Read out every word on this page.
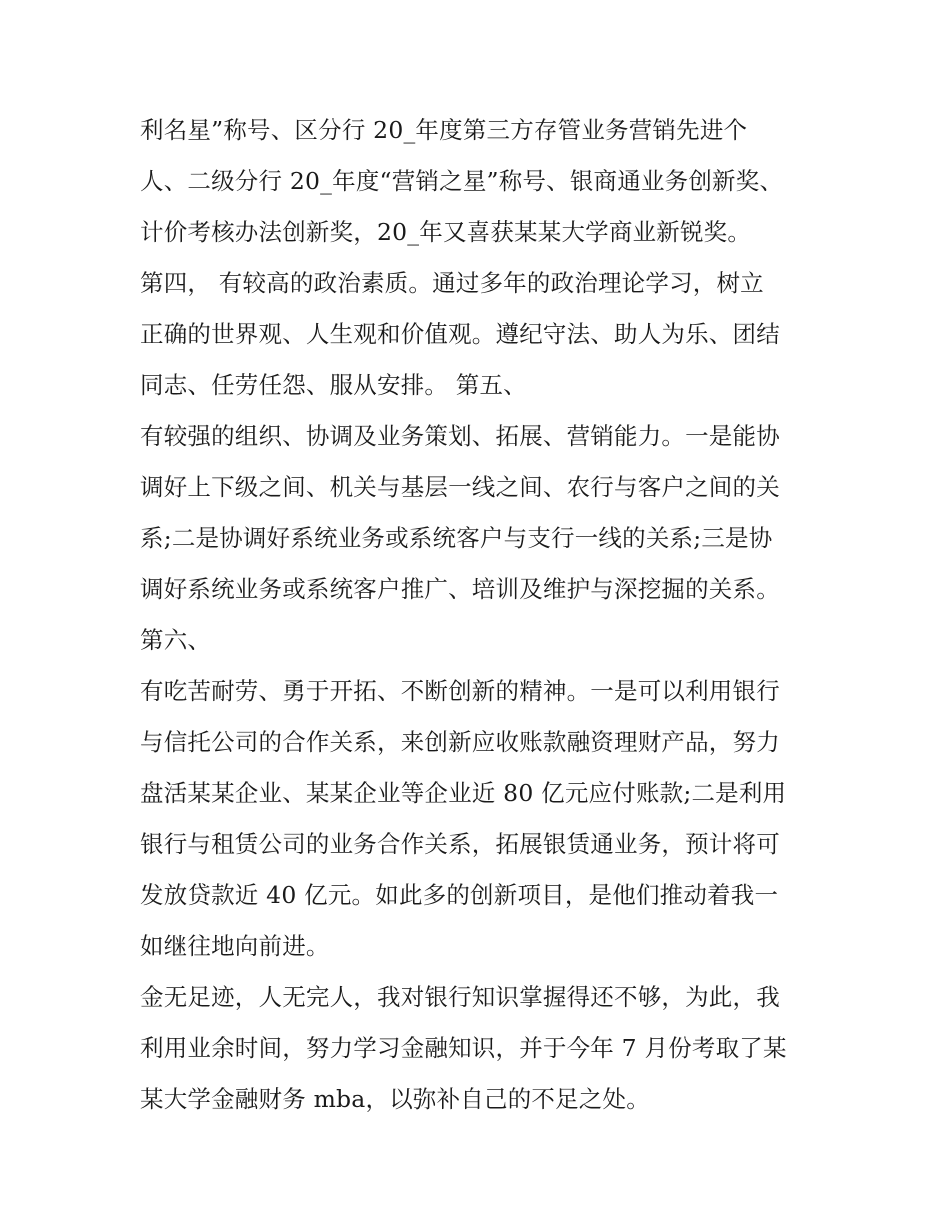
利名星”称号、区分行 20_年度第三方存管业务营销先进个
人、二级分行 20_年度“营销之星”称号、银商通业务创新奖、
计价考核办法创新奖，20_年又喜获某某大学商业新锐奖。
第四， 有较高的政治素质。通过多年的政治理论学习，树立
正确的世界观、人生观和价值观。遵纪守法、助人为乐、团结
同志、任劳任怨、服从安排。 第五、
有较强的组织、协调及业务策划、拓展、营销能力。一是能协
调好上下级之间、机关与基层一线之间、农行与客户之间的关
系;二是协调好系统业务或系统客户与支行一线的关系;三是协
调好系统业务或系统客户推广、培训及维护与深挖掘的关系。
第六、
有吃苦耐劳、勇于开拓、不断创新的精神。一是可以利用银行
与信托公司的合作关系，来创新应收账款融资理财产品，努力
盘活某某企业、某某企业等企业近 80 亿元应付账款;二是利用
银行与租赁公司的业务合作关系，拓展银赁通业务，预计将可
发放贷款近 40 亿元。如此多的创新项目，是他们推动着我一
如继往地向前进。
金无足迹，人无完人，我对银行知识掌握得还不够，为此，我
利用业余时间，努力学习金融知识，并于今年 7 月份考取了某
某大学金融财务 mba，以弥补自己的不足之处。
